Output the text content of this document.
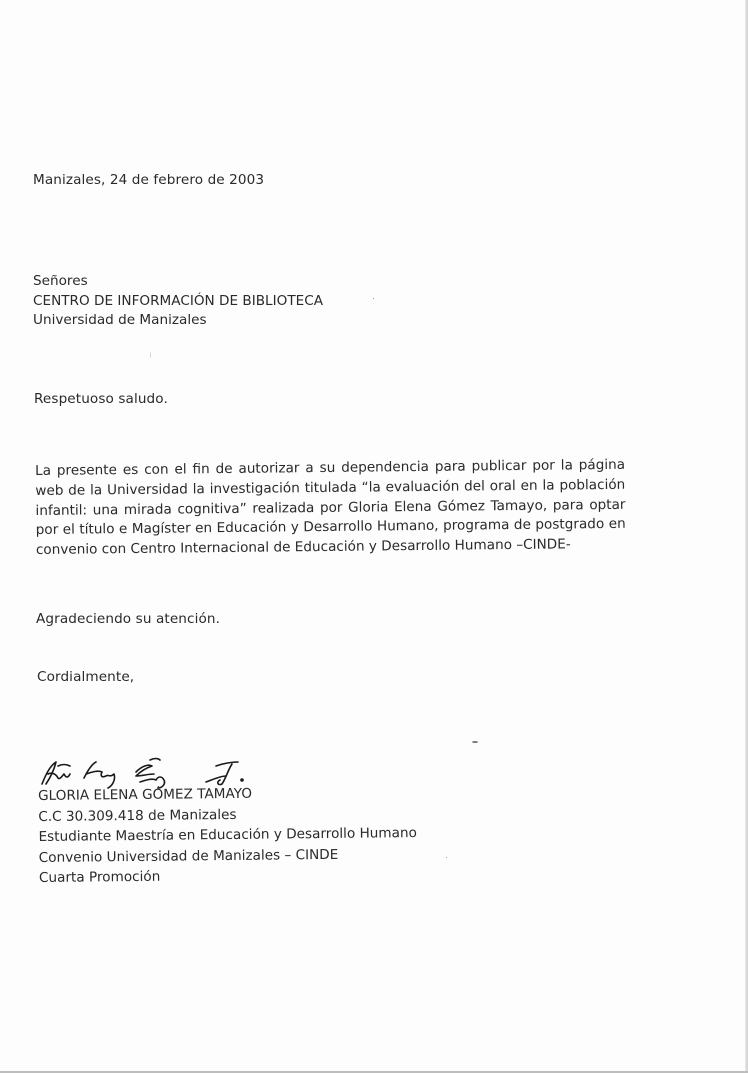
Manizales, 24 de febrero de 2003
Señores
CENTRO DE INFORMACIÓN DE BIBLIOTECA
Universidad de Manizales
Respetuoso saludo.
La presente es con el fin de autorizar a su dependencia para publicar por la página web de la Universidad la investigación titulada “la evaluación del oral en la población infantil: una mirada cognitiva” realizada por Gloria Elena Gómez Tamayo, para optar por el título e Magíster en Educación y Desarrollo Humano, programa de postgrado en convenio con Centro Internacional de Educación y Desarrollo Humano –CINDE-
Agradeciendo su atención.
Cordialmente,
GLORIA ELENA GÓMEZ TAMAYO
C.C 30.309.418 de Manizales
Estudiante Maestría en Educación y Desarrollo Humano
Convenio Universidad de Manizales – CINDE
Cuarta Promoción
